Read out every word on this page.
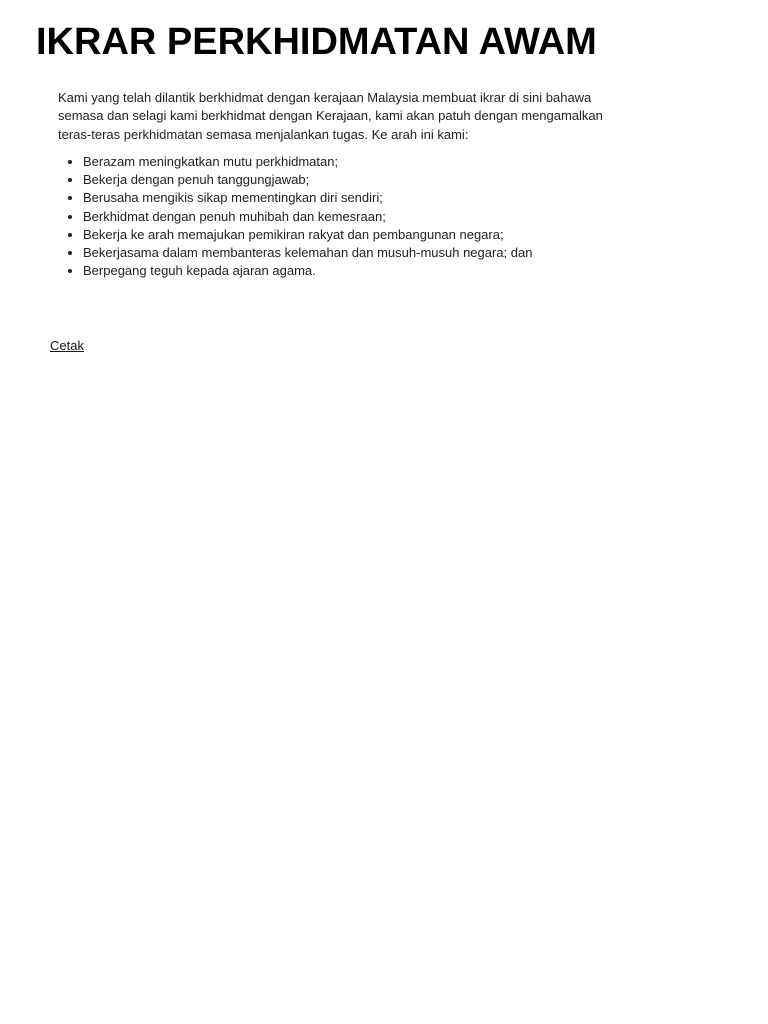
IKRAR PERKHIDMATAN AWAM

Kami yang telah dilantik berkhidmat dengan kerajaan Malaysia membuat ikrar di sini bahawa semasa dan selagi kami berkhidmat dengan Kerajaan, kami akan patuh dengan mengamalkan teras-teras perkhidmatan semasa menjalankan tugas. Ke arah ini kami:

• Berazam meningkatkan mutu perkhidmatan;
• Bekerja dengan penuh tanggungjawab;
• Berusaha mengikis sikap mementingkan diri sendiri;
• Berkhidmat dengan penuh muhibah dan kemesraan;
• Bekerja ke arah memajukan pemikiran rakyat dan pembangunan negara;
• Bekerjasama dalam membanteras kelemahan dan musuh-musuh negara; dan
• Berpegang teguh kepada ajaran agama.
Cetak
